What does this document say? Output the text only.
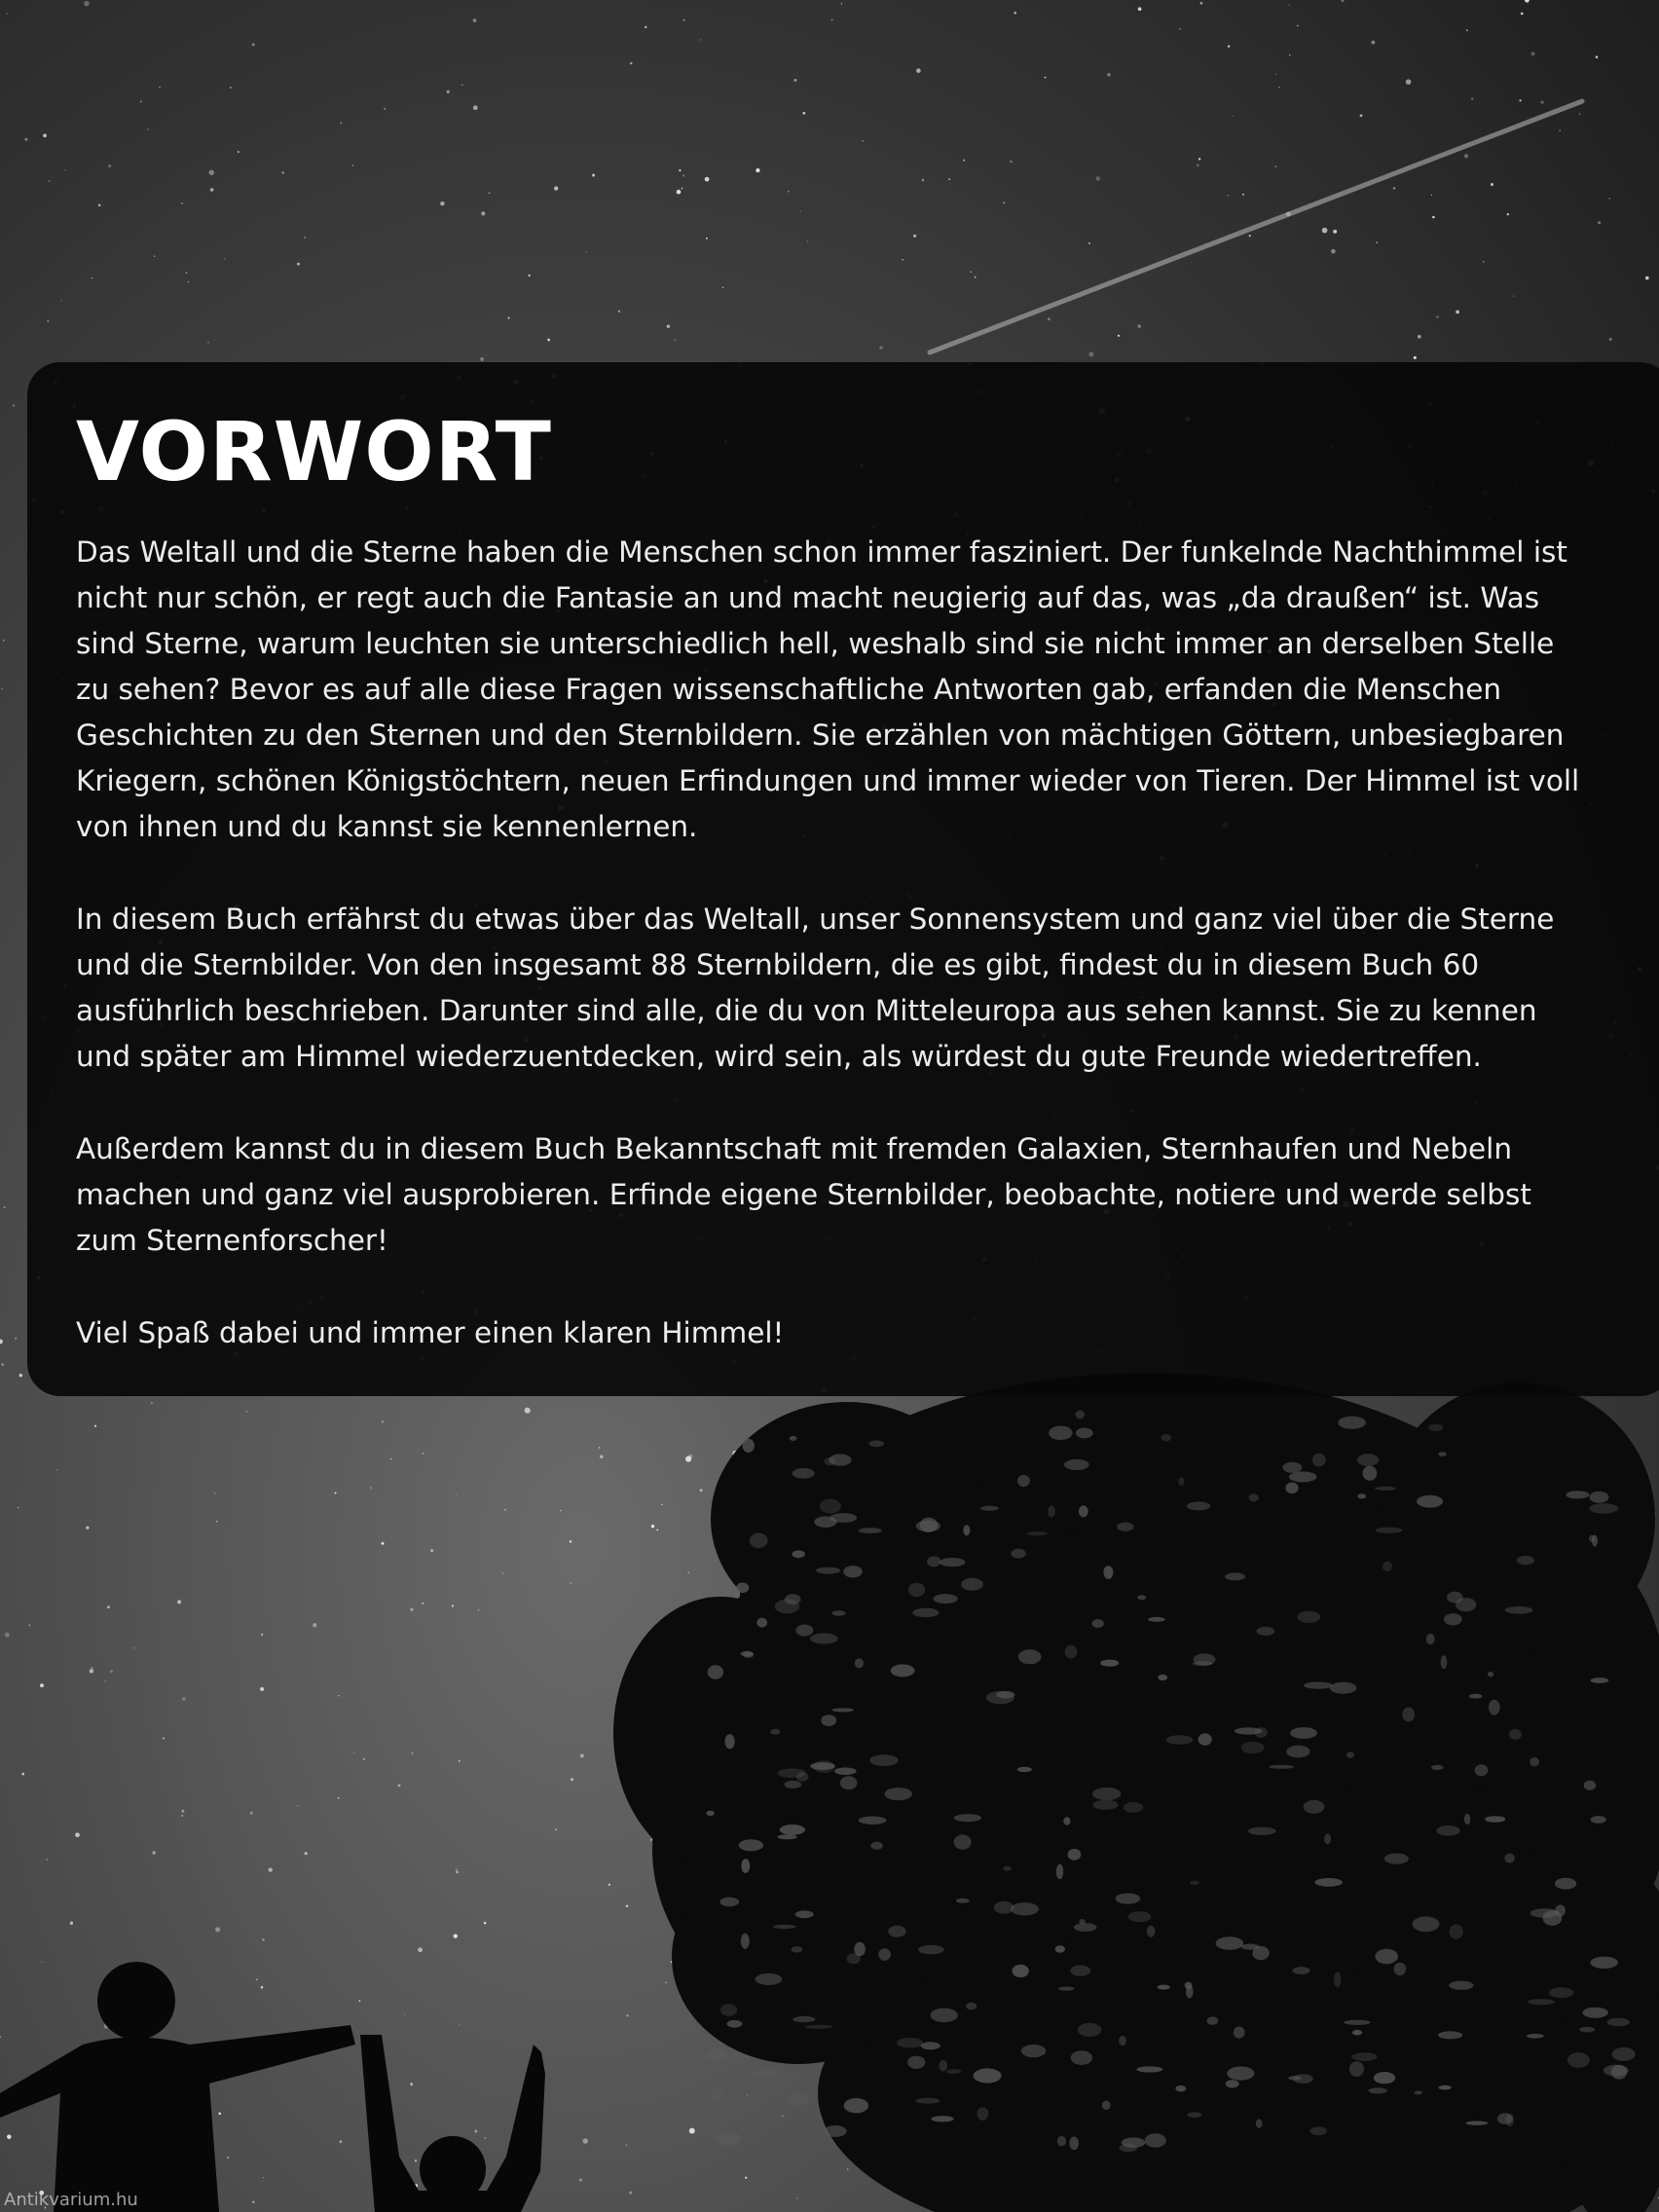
VORWORT

Das Weltall und die Sterne haben die Menschen schon immer fasziniert. Der funkelnde Nachthimmel ist nicht nur schön, er regt auch die Fantasie an und macht neugierig auf das, was „da draußen“ ist. Was sind Sterne, warum leuchten sie unterschiedlich hell, weshalb sind sie nicht immer an derselben Stelle zu sehen? Bevor es auf alle diese Fragen wissenschaftliche Antworten gab, erfanden die Menschen Geschichten zu den Sternen und den Sternbildern. Sie erzählen von mächtigen Göttern, unbesiegbaren Kriegern, schönen Königstöchtern, neuen Erfindungen und immer wieder von Tieren. Der Himmel ist voll von ihnen und du kannst sie kennenlernen.

In diesem Buch erfährst du etwas über das Weltall, unser Sonnensystem und ganz viel über die Sterne und die Sternbilder. Von den insgesamt 88 Sternbildern, die es gibt, findest du in diesem Buch 60 ausführlich beschrieben. Darunter sind alle, die du von Mitteleuropa aus sehen kannst. Sie zu kennen und später am Himmel wiederzuentdecken, wird sein, als würdest du gute Freunde wiedertreffen.

Außerdem kannst du in diesem Buch Bekanntschaft mit fremden Galaxien, Sternhaufen und Nebeln machen und ganz viel ausprobieren. Erfinde eigene Sternbilder, beobachte, notiere und werde selbst zum Sternenforscher!

Viel Spaß dabei und immer einen klaren Himmel!

Antikvarium.hu
